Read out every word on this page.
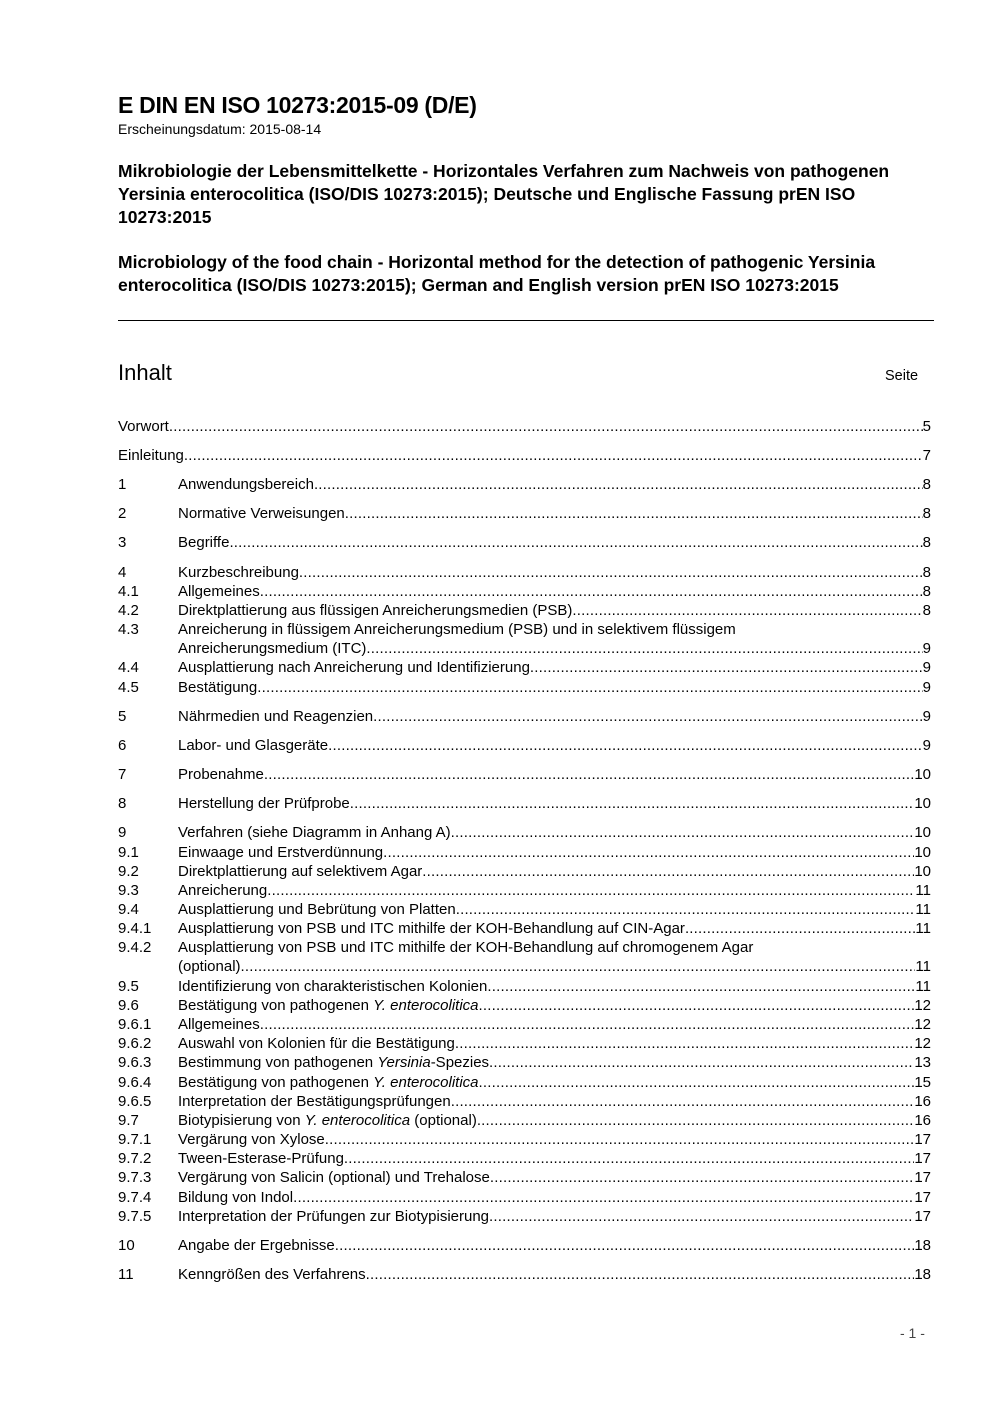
E DIN EN ISO 10273:2015-09 (D/E)
Erscheinungsdatum: 2015-08-14
Mikrobiologie der Lebensmittelkette - Horizontales Verfahren zum Nachweis von pathogenen Yersinia enterocolitica (ISO/DIS 10273:2015); Deutsche und Englische Fassung prEN ISO 10273:2015
Microbiology of the food chain - Horizontal method for the detection of pathogenic Yersinia enterocolitica (ISO/DIS 10273:2015); German and English version prEN ISO 10273:2015
Inhalt	Seite
Vorwort .....	5
Einleitung .....	7
1	Anwendungsbereich .....	8
2	Normative Verweisungen .....	8
3	Begriffe .....	8
4	Kurzbeschreibung .....	8
4.1	Allgemeines .....	8
4.2	Direktplattierung aus flüssigen Anreicherungsmedien (PSB) .....	8
4.3	Anreicherung in flüssigem Anreicherungsmedium (PSB) und in selektivem flüssigem
Anreicherungsmedium (ITC) .....	9
4.4	Ausplattierung nach Anreicherung und Identifizierung .....	9
4.5	Bestätigung .....	9
5	Nährmedien und Reagenzien .....	9
6	Labor- und Glasgeräte .....	9
7	Probenahme .....	10
8	Herstellung der Prüfprobe .....	10
9	Verfahren (siehe Diagramm in Anhang A) .....	10
9.1	Einwaage und Erstverdünnung .....	10
9.2	Direktplattierung auf selektivem Agar .....	10
9.3	Anreicherung .....	11
9.4	Ausplattierung und Bebrütung von Platten .....	11
9.4.1	Ausplattierung von PSB und ITC mithilfe der KOH-Behandlung auf CIN-Agar .....	11
9.4.2	Ausplattierung von PSB und ITC mithilfe der KOH-Behandlung auf chromogenem Agar
(optional) .....	11
9.5	Identifizierung von charakteristischen Kolonien .....	11
9.6	Bestätigung von pathogenen Y. enterocolitica .....	12
9.6.1	Allgemeines .....	12
9.6.2	Auswahl von Kolonien für die Bestätigung .....	12
9.6.3	Bestimmung von pathogenen Yersinia-Spezies .....	13
9.6.4	Bestätigung von pathogenen Y. enterocolitica .....	15
9.6.5	Interpretation der Bestätigungsprüfungen .....	16
9.7	Biotypisierung von Y. enterocolitica (optional) .....	16
9.7.1	Vergärung von Xylose .....	17
9.7.2	Tween-Esterase-Prüfung .....	17
9.7.3	Vergärung von Salicin (optional) und Trehalose .....	17
9.7.4	Bildung von Indol .....	17
9.7.5	Interpretation der Prüfungen zur Biotypisierung .....	17
10	Angabe der Ergebnisse .....	18
11	Kenngrößen des Verfahrens .....	18
- 1 -
